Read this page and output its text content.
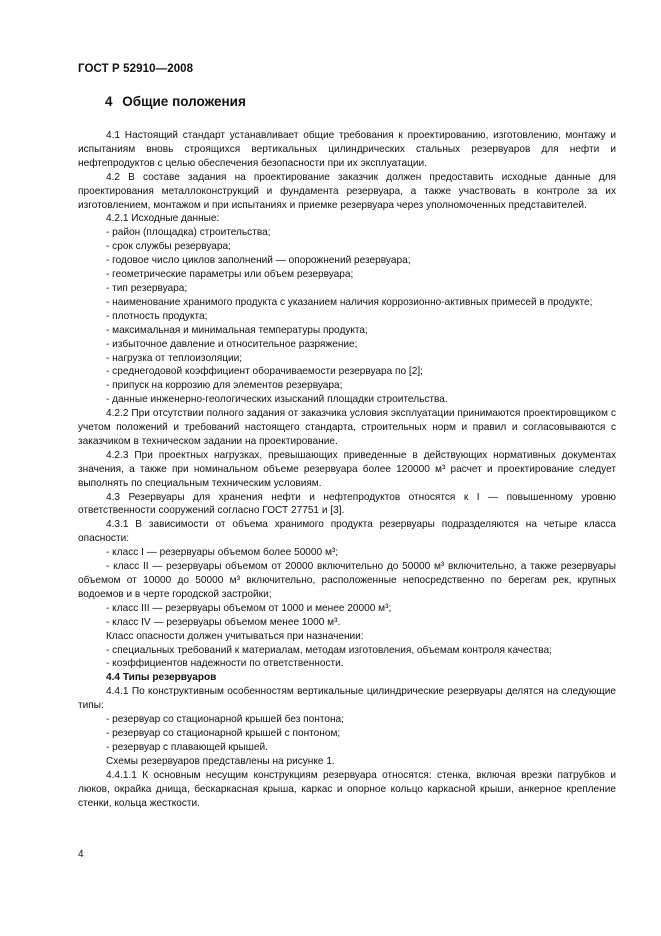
ГОСТ Р 52910—2008
4 Общие положения

4.1 Настоящий стандарт устанавливает общие требования к проектированию, изготовлению, монтажу и испытаниям вновь строящихся вертикальных цилиндрических стальных резервуаров для нефти и нефтепродуктов с целью обеспечения безопасности при их эксплуатации.

4.2 В составе задания на проектирование заказчик должен предоставить исходные данные для проектирования металлоконструкций и фундамента резервуара, а также участвовать в контроле за их изготовлением, монтажом и при испытаниях и приемке резервуара через уполномоченных представителей.

4.2.1 Исходные данные:

- район (площадка) строительства;

- срок службы резервуара;

- годовое число циклов заполнений — опорожнений резервуара;

- геометрические параметры или объем резервуара;

- тип резервуара;

- наименование хранимого продукта с указанием наличия коррозионно-активных примесей в продукте;

- плотность продукта;

- максимальная и минимальная температуры продукта;

- избыточное давление и относительное разряжение;

- нагрузка от теплоизоляции;

- среднегодовой коэффициент оборачиваемости резервуара по [2];

- припуск на коррозию для элементов резервуара;

- данные инженерно-геологических изысканий площадки строительства.

4.2.2 При отсутствии полного задания от заказчика условия эксплуатации принимаются проектировщиком с учетом положений и требований настоящего стандарта, строительных норм и правил и согласовываются с заказчиком в техническом задании на проектирование.

4.2.3 При проектных нагрузках, превышающих приведенные в действующих нормативных документах значения, а также при номинальном объеме резервуара более 120000 м³ расчет и проектирование следует выполнять по специальным техническим условиям.

4.3 Резервуары для хранения нефти и нефтепродуктов относятся к I — повышенному уровню ответственности сооружений согласно ГОСТ 27751 и [3].

4.3.1 В зависимости от объема хранимого продукта резервуары подразделяются на четыре класса опасности:

- класс I — резервуары объемом более 50000 м³;

- класс II — резервуары объемом от 20000 включительно до 50000 м³ включительно, а также резервуары объемом от 10000 до 50000 м³ включительно, расположенные непосредственно по берегам рек, крупных водоемов и в черте городской застройки;

- класс III — резервуары объемом от 1000 и менее 20000 м³;

- класс IV — резервуары объемом менее 1000 м³.

Класс опасности должен учитываться при назначении:

- специальных требований к материалам, методам изготовления, объемам контроля качества;

- коэффициентов надежности по ответственности.

4.4 Типы резервуаров

4.4.1 По конструктивным особенностям вертикальные цилиндрические резервуары делятся на следующие типы:

- резервуар со стационарной крышей без понтона;

- резервуар со стационарной крышей с понтоном;

- резервуар с плавающей крышей.

Схемы резервуаров представлены на рисунке 1.

4.4.1.1 К основным несущим конструкциям резервуара относятся: стенка, включая врезки патрубков и люков, окрайка днища, бескаркасная крыша, каркас и опорное кольцо каркасной крыши, анкерное крепление стенки, кольца жесткости.

4
